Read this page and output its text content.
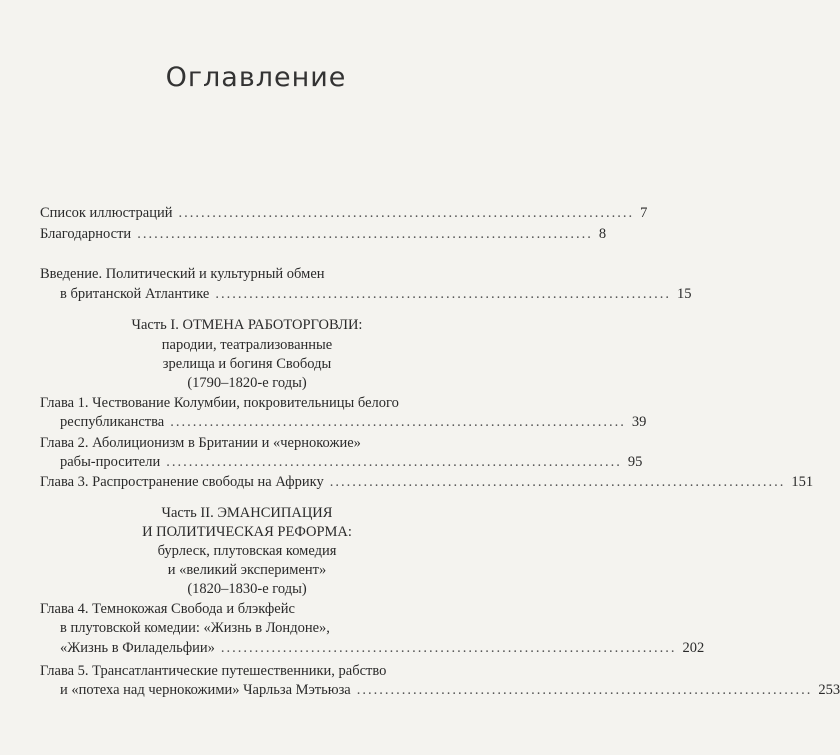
Оглавление
Список иллюстраций ................................................................................. 7
Благодарности ................................................................................. 8
Введение. Политический и культурный обмен
в британской Атлантике ................................................................................. 15
Часть I. ОТМЕНА РАБОТОРГОВЛИ:
пародии, театрализованные
зрелища и богиня Свободы
(1790–1820-е годы)
Глава 1. Чествование Колумбии, покровительницы белого
республиканства ................................................................................. 39
Глава 2. Аболиционизм в Британии и «чернокожие»
рабы-просители ................................................................................. 95
Глава 3. Распространение свободы на Африку ................................................................................. 151
Часть II. ЭМАНСИПАЦИЯ
И ПОЛИТИЧЕСКАЯ РЕФОРМА:
бурлеск, плутовская комедия
и «великий эксперимент»
(1820–1830-е годы)
Глава 4. Темнокожая Свобода и блэкфейс
в плутовской комедии: «Жизнь в Лондоне»,
«Жизнь в Филадельфии» ................................................................................. 202
Глава 5. Трансатлантические путешественники, рабство
и «потеха над чернокожими» Чарльза Мэтьюза ................................................................................. 253
